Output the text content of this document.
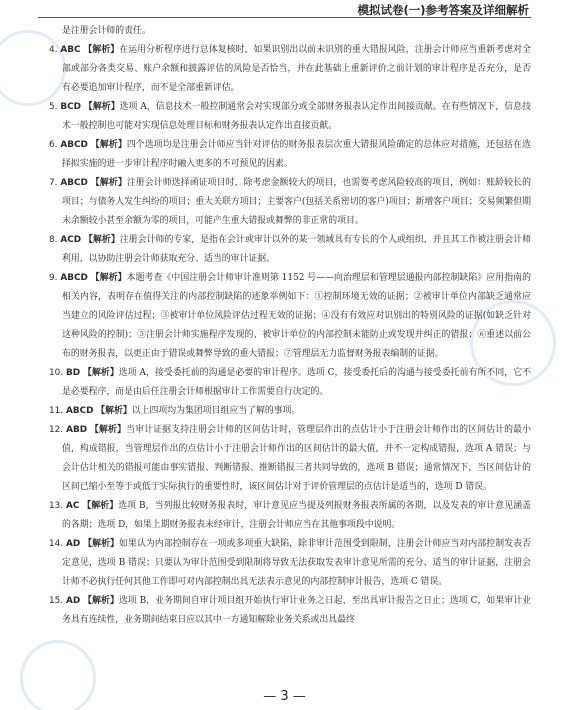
模拟试卷(一)参考答案及详细解析

是注册会计师的责任。

4. ABC 【解析】在运用分析程序进行总体复核时，如果识别出以前未识别的重大错报风险，注册会计师应当重新考虑对全部或部分各类交易、账户余额和披露评估的风险是否恰当，并在此基础上重新评价之前计划的审计程序是否充分，是否有必要追加审计程序，而不是全部重新评估。

5. BCD 【解析】选项 A，信息技术一般控制通常会对实现部分或全部财务报表认定作出间接贡献。在有些情况下，信息技术一般控制也可能对实现信息处理目标和财务报表认定作出直接贡献。

6. ABCD 【解析】四个选项均是注册会计师应当针对评估的财务报表层次重大错报风险确定的总体应对措施，还包括在选择拟实施的进一步审计程序时融入更多的不可预见的因素。

7. ABCD 【解析】注册会计师选择函证项目时，除考虑金额较大的项目，也需要考虑风险较高的项目，例如：账龄较长的项目；与债务人发生纠纷的项目；重大关联方项目；主要客户(包括关系密切的客户)项目；新增客户项目；交易频繁但期末余额较小甚至余额为零的项目，可能产生重大错报或舞弊的非正常的项目。

8. ACD 【解析】注册会计师的专家，是指在会计或审计以外的某一领域具有专长的个人或组织，并且其工作被注册会计师利用，以协助注册会计师获取充分、适当的审计证据。

9. ABCD 【解析】本题考查《中国注册会计师审计准则第 1152 号——向治理层和管理层通报内部控制缺陷》应用指南的相关内容，表明存在值得关注的内部控制缺陷的迹象举例如下：①控制环境无效的证据；②被审计单位内部缺乏通常应当建立的风险评估过程；③被审计单位风险评估过程无效的证据；④没有有效应对识别出的特别风险的证据(如缺乏针对这种风险的控制)；⑤注册会计师实施程序发现的、被审计单位的内部控制未能防止或发现并纠正的错报；⑥重述以前公布的财务报表，以更正由于错误或舞弊导致的重大错报；⑦管理层无力监督财务报表编制的证据。

10. BD 【解析】选项 A，接受委托前的沟通是必要的审计程序。选项 C，接受委托后的沟通与接受委托前有所不同，它不是必要程序，而是由后任注册会计师根据审计工作需要自行决定的。

11. ABCD 【解析】以上四项均为集团项目组应当了解的事项。

12. ABD 【解析】当审计证据支持注册会计师的区间估计时，管理层作出的点估计小于注册会计师作出的区间估计的最小值，构成错报，当管理层作出的点估计小于注册会计师作出的区间估计的最大值，并不一定构成错报，选项 A 错误；与会计估计相关的错报可能由事实错报、判断错报、推断错报三者共同导致的，选项 B 错误；通常情况下，当区间估计的区间已缩小至等于或低于实际执行的重要性时，该区间估计对于评价管理层的点估计是适当的，选项 D 错误。

13. AC 【解析】选项 B，当列报比较财务报表时，审计意见应当提及列报财务报表所属的各期，以及发表的审计意见涵盖的各期；选项 D，如果上期财务报表未经审计，注册会计师应当在其他事项段中说明。

14. AD 【解析】如果认为内部控制存在一项或多项重大缺陷，除非审计范围受到限制，注册会计师应当对内部控制发表否定意见，选项 B 错误；只要认为审计范围受到限制将导致无法获取发表审计意见所需的充分、适当的审计证据，注册会计师不必执行任何其他工作即可对内部控制出具无法表示意见的内部控制审计报告，选项 C 错误。

15. AD 【解析】选项 B，业务期间自审计项目组开始执行审计业务之日起，至出具审计报告之日止；选项 C，如果审计业务具有连续性，业务期间结束日应以其中一方通知解除业务关系或出具最终

— 3 —
